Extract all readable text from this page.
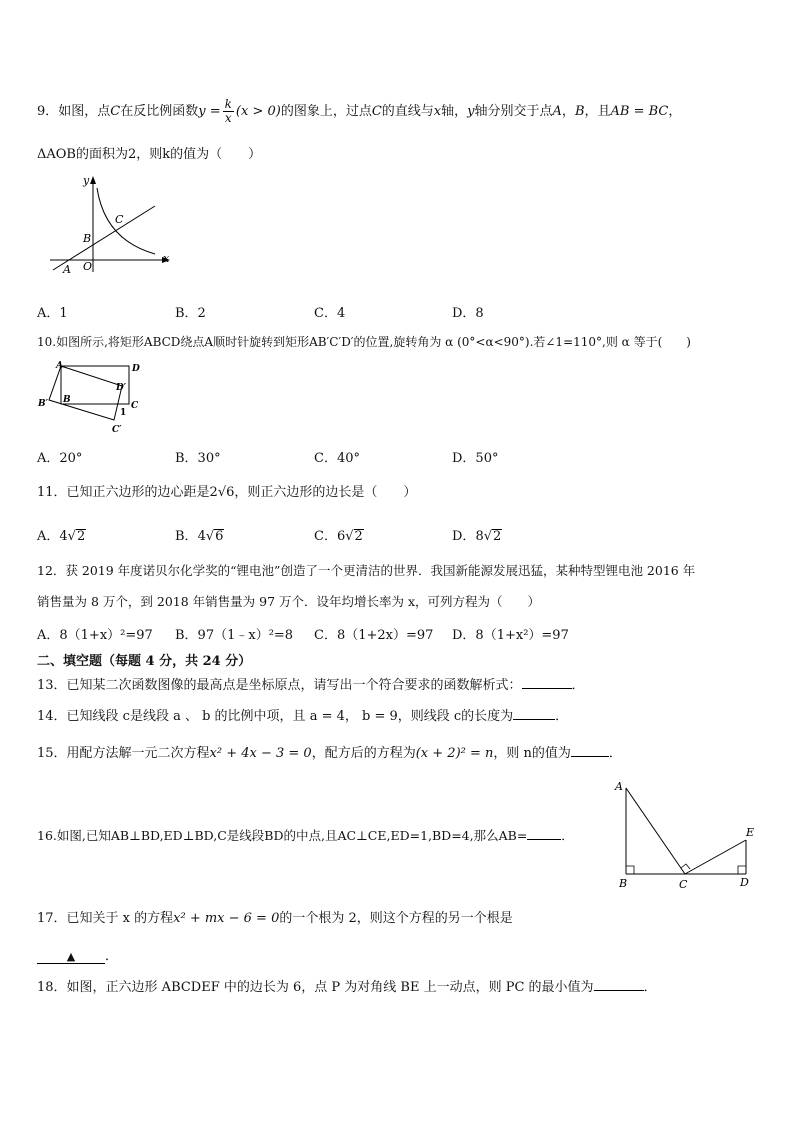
9．如图，点C在反比例函数$y = \frac{k}{x} (x > 0)$的图象上，过点C的直线与x轴，y轴分别交于点A，B，且AB = BC，
ΔAOB的面积为2，则k的值为（　　）
y
x
O
A
B
C
A．1	B．2	C．4	D．8
10.如图所示,将矩形ABCD绕点A顺时针旋转到矩形AB′C′D′的位置,旋转角为 α (0°<α<90°).若∠1=110°,则 α 等于(　　)
A	D
D′
B′ B
1
C
C′
A．20°	B．30°	C．40°	D．50°
11．已知正六边形的边心距是2√6，则正六边形的边长是（　　）
A．4√2	B．4√6	C．6√2	D．8√2
12．获 2019 年度诺贝尔化学奖的“锂电池”创造了一个更清洁的世界．我国新能源发展迅猛，某种特型锂电池 2016 年
销售量为 8 万个，到 2018 年销售量为 97 万个．设年均增长率为 x，可列方程为（　　）
A．8（1+x）²=97 B．97（1﹣x）²=8 C．8（1+2x）=97 D．8（1+x²）=97
二、填空题（每题 4 分，共 24 分）
13．已知某二次函数图像的最高点是坐标原点，请写出一个符合要求的函数解析式：	．
14．已知线段 c是线段 a 、 b 的比例中项，且 a = 4， b = 9，则线段 c的长度为	．
15．用配方法解一元二次方程x² + 4x − 3 = 0，配方后的方程为(x + 2)² = n，则 n的值为	．
16.如图,已知AB⊥BD,ED⊥BD,C是线段BD的中点,且AC⊥CE,ED=1,BD=4,那么AB=	．
A
B	C	D
E
17．已知关于 x 的方程x² + mx − 6 = 0的一个根为 2，则这个方程的另一个根是
▲ ．
18．如图，正六边形 ABCDEF 中的边长为 6，点 P 为对角线 BE 上一动点，则 PC 的最小值为	．
